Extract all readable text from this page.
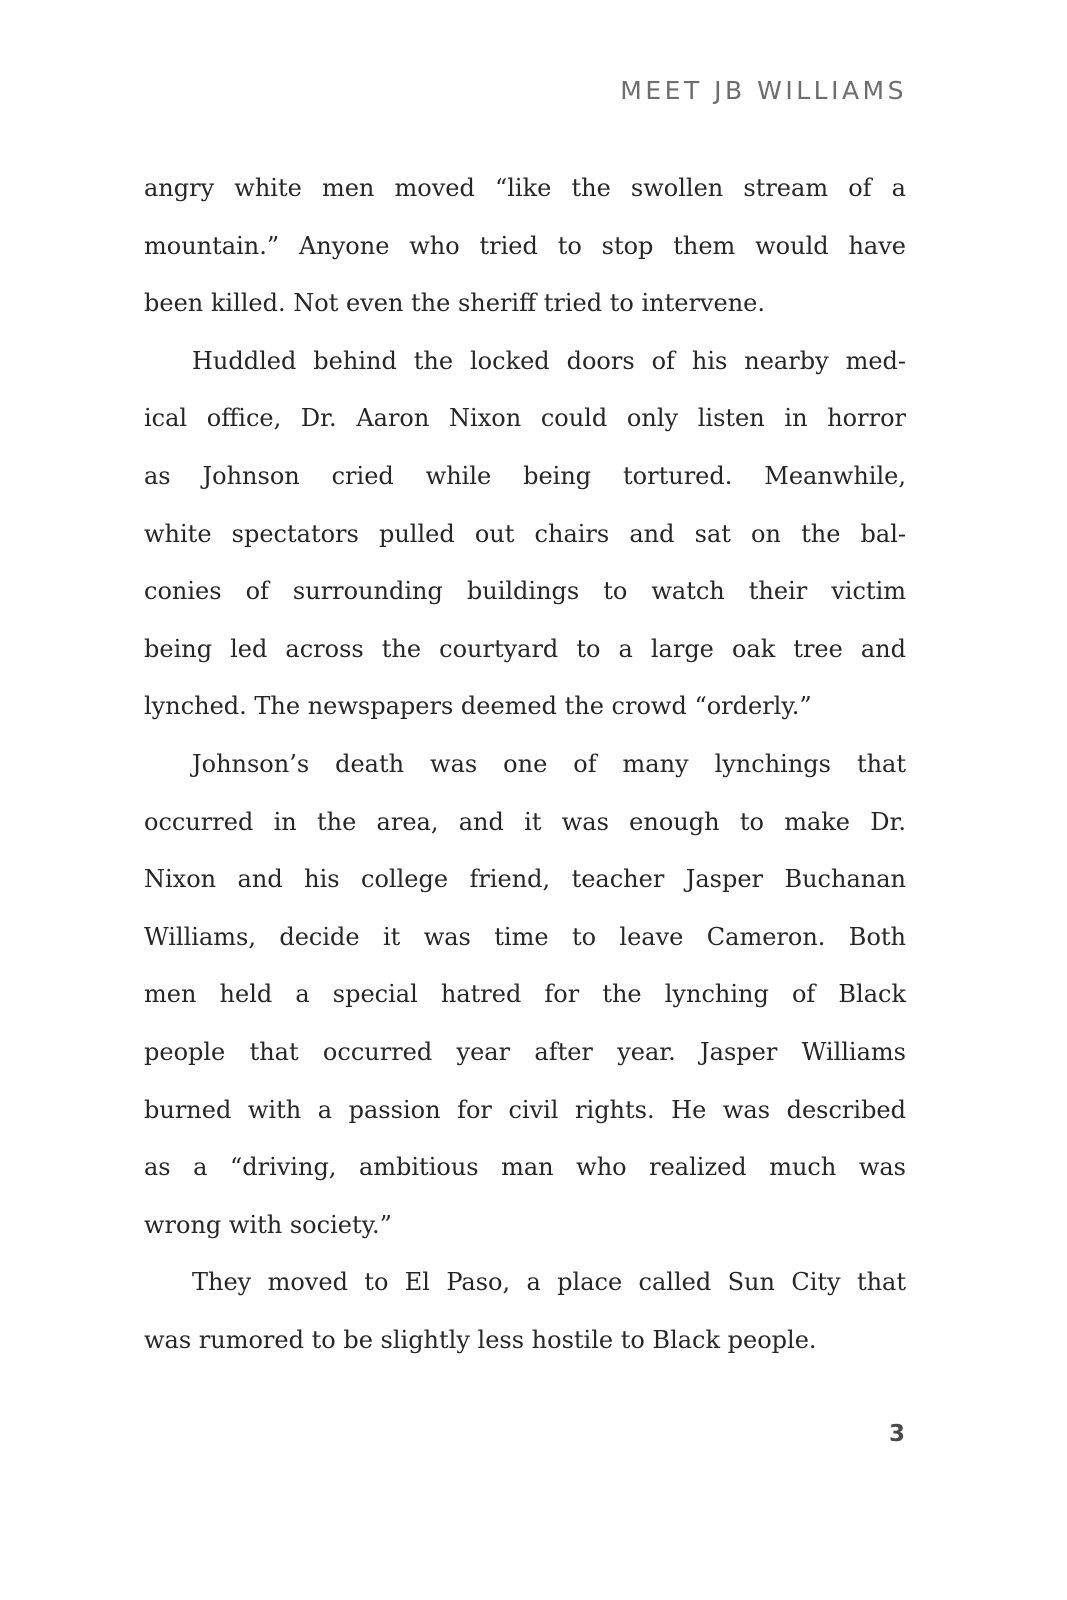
MEET JB WILLIAMS
angry white men moved “like the swollen stream of a
mountain.” Anyone who tried to stop them would have
been killed. Not even the sheriff tried to intervene.
Huddled behind the locked doors of his nearby med-
ical office, Dr. Aaron Nixon could only listen in horror
as Johnson cried while being tortured. Meanwhile,
white spectators pulled out chairs and sat on the bal-
conies of surrounding buildings to watch their victim
being led across the courtyard to a large oak tree and
lynched. The newspapers deemed the crowd “orderly.”
Johnson’s death was one of many lynchings that
occurred in the area, and it was enough to make Dr.
Nixon and his college friend, teacher Jasper Buchanan
Williams, decide it was time to leave Cameron. Both
men held a special hatred for the lynching of Black
people that occurred year after year. Jasper Williams
burned with a passion for civil rights. He was described
as a “driving, ambitious man who realized much was
wrong with society.”
They moved to El Paso, a place called Sun City that
was rumored to be slightly less hostile to Black people.
3
